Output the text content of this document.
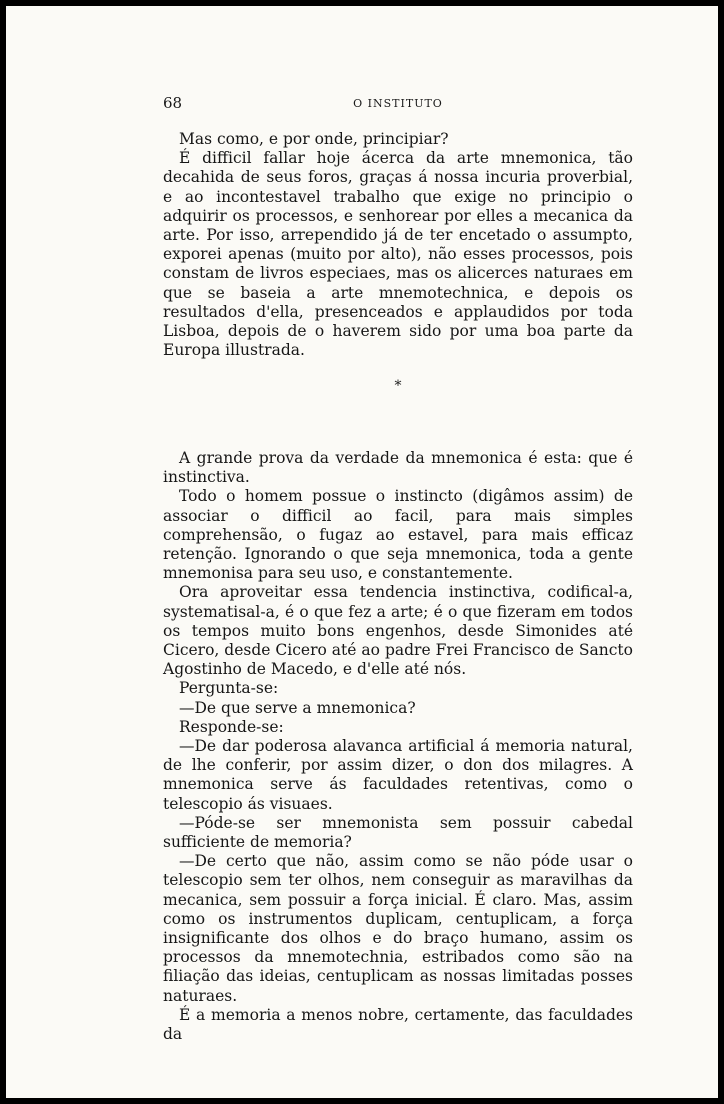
68	O INSTITUTO

Mas como, e por onde, principiar?

É difficil fallar hoje ácerca da arte mnemonica, tão decahida de seus foros, graças á nossa incuria proverbial, e ao incontestavel trabalho que exige no principio o adquirir os processos, e senhorear por elles a mecanica da arte. Por isso, arrependido já de ter encetado o assumpto, exporei apenas (muito por alto), não esses processos, pois constam de livros especiaes, mas os alicerces naturaes em que se baseia a arte mnemotechnica, e depois os resultados d'ella, presenceados e applaudidos por toda Lisboa, depois de o haverem sido por uma boa parte da Europa illustrada.

*

A grande prova da verdade da mnemonica é esta: que é instinctiva.

Todo o homem possue o instincto (digâmos assim) de associar o difficil ao facil, para mais simples comprehensão, o fugaz ao estavel, para mais efficaz retenção. Ignorando o que seja mnemonica, toda a gente mnemonisa para seu uso, e constantemente.

Ora aproveitar essa tendencia instinctiva, codifical-a, systematisal-a, é o que fez a arte; é o que fizeram em todos os tempos muito bons engenhos, desde Simonides até Cicero, desde Cicero até ao padre Frei Francisco de Sancto Agostinho de Macedo, e d'elle até nós.

Pergunta-se:

—De que serve a mnemonica?

Responde-se:

—De dar poderosa alavanca artificial á memoria natural, de lhe conferir, por assim dizer, o don dos milagres. A mnemonica serve ás faculdades retentivas, como o telescopio ás visuaes.

—Póde-se ser mnemonista sem possuir cabedal sufficiente de memoria?

—De certo que não, assim como se não póde usar o telescopio sem ter olhos, nem conseguir as maravilhas da mecanica, sem possuir a força inicial. É claro. Mas, assim como os instrumentos duplicam, centuplicam, a força insignificante dos olhos e do braço humano, assim os processos da mnemotechnia, estribados como são na filiação das ideias, centuplicam as nossas limitadas posses naturaes.

É a memoria a menos nobre, certamente, das faculdades da
